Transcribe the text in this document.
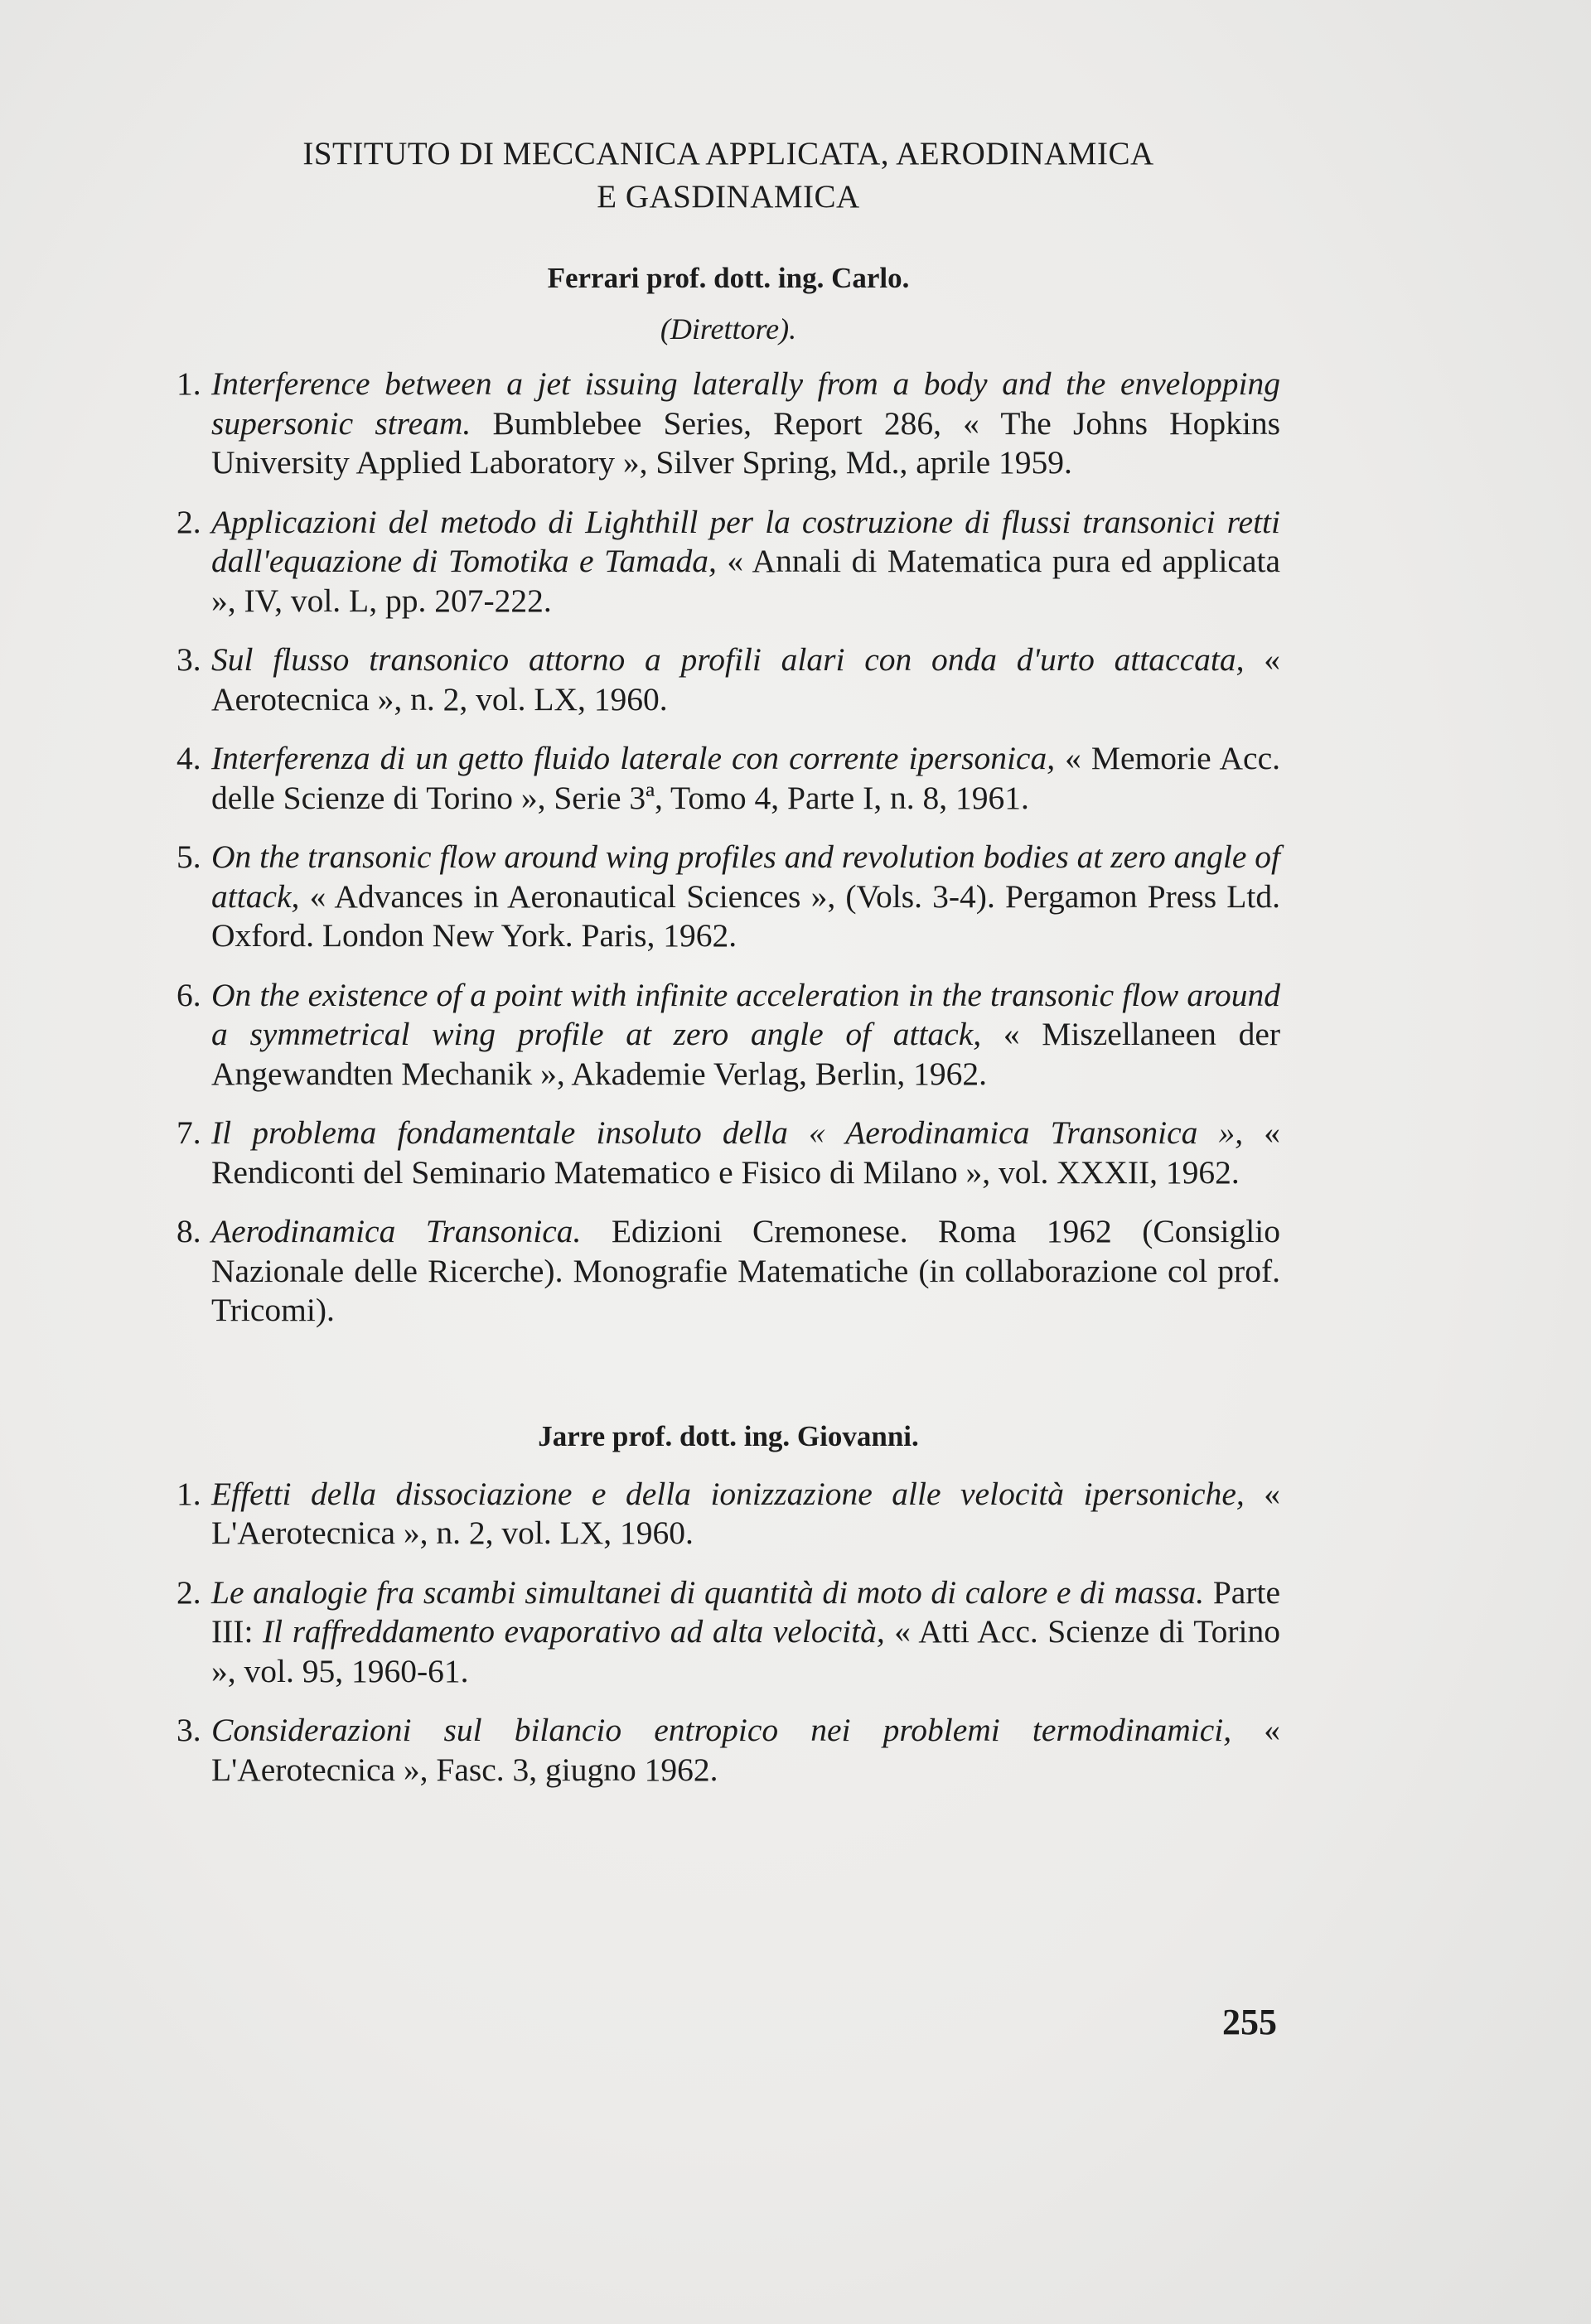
ISTITUTO DI MECCANICA APPLICATA, AERODINAMICA

E GASDINAMICA

Ferrari prof. dott. ing. Carlo.

(Direttore).

1. Interference between a jet issuing laterally from a body and the envelopping supersonic stream. Bumblebee Series, Report 286, « The Johns Hopkins University Applied Laboratory », Silver Spring, Md., aprile 1959.
2. Applicazioni del metodo di Lighthill per la costruzione di flussi transonici retti dall'equazione di Tomotika e Tamada, « Annali di Matematica pura ed applicata », IV, vol. L, pp. 207-222.
3. Sul flusso transonico attorno a profili alari con onda d'urto attaccata, « Aerotecnica », n. 2, vol. LX, 1960.
4. Interferenza di un getto fluido laterale con corrente ipersonica, « Memorie Acc. delle Scienze di Torino », Serie 3ª, Tomo 4, Parte I, n. 8, 1961.
5. On the transonic flow around wing profiles and revolution bodies at zero angle of attack, « Advances in Aeronautical Sciences », (Vols. 3-4). Pergamon Press Ltd. Oxford. London New York. Paris, 1962.
6. On the existence of a point with infinite acceleration in the transonic flow around a symmetrical wing profile at zero angle of attack, « Miszellaneen der Angewandten Mechanik », Akademie Verlag, Berlin, 1962.
7. Il problema fondamentale insoluto della « Aerodinamica Transonica », « Rendiconti del Seminario Matematico e Fisico di Milano », vol. XXXII, 1962.
8. Aerodinamica Transonica. Edizioni Cremonese. Roma 1962 (Consiglio Nazionale delle Ricerche). Monografie Matematiche (in collaborazione col prof. Tricomi).

Jarre prof. dott. ing. Giovanni.

1. Effetti della dissociazione e della ionizzazione alle velocità ipersoniche, « L'Aerotecnica », n. 2, vol. LX, 1960.
2. Le analogie fra scambi simultanei di quantità di moto di calore e di massa. Parte III: Il raffreddamento evaporativo ad alta velocità, « Atti Acc. Scienze di Torino », vol. 95, 1960-61.
3. Considerazioni sul bilancio entropico nei problemi termodinamici, « L'Aerotecnica », Fasc. 3, giugno 1962.
255
